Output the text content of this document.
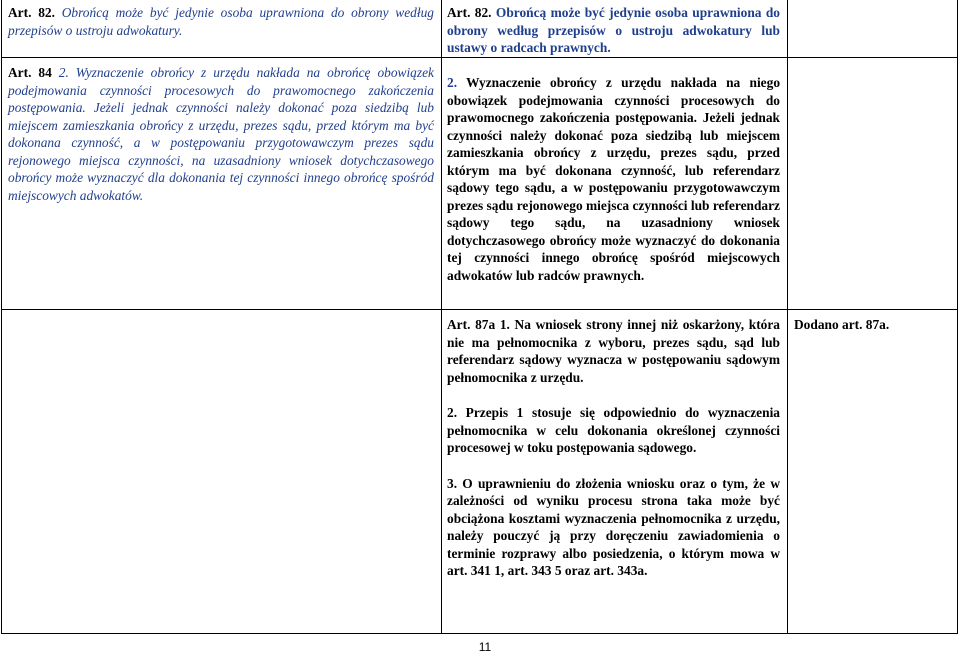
Art. 82. Obrońcą może być jedynie osoba uprawniona do obrony według przepisów o ustroju adwokatury.

Art. 82. Obrońcą może być jedynie osoba uprawniona do obrony według przepisów o ustroju adwokatury lub ustawy o radcach prawnych.

Art. 84 2. Wyznaczenie obrońcy z urzędu nakłada na obrońcę obowiązek podejmowania czynności procesowych do prawomocnego zakończenia postępowania. Jeżeli jednak czynności należy dokonać poza siedzibą lub miejscem zamieszkania obrońcy z urzędu, prezes sądu, przed którym ma być dokonana czynność, a w postępowaniu przygotowawczym prezes sądu rejonowego miejsca czynności, na uzasadniony wniosek dotychczasowego obrońcy może wyznaczyć dla dokonania tej czynności innego obrońcę spośród miejscowych adwokatów.

2. Wyznaczenie obrońcy z urzędu nakłada na niego obowiązek podejmowania czynności procesowych do prawomocnego zakończenia postępowania. Jeżeli jednak czynności należy dokonać poza siedzibą lub miejscem zamieszkania obrońcy z urzędu, prezes sądu, przed którym ma być dokonana czynność, lub referendarz sądowy tego sądu, a w postępowaniu przygotowawczym prezes sądu rejonowego miejsca czynności lub referendarz sądowy tego sądu, na uzasadniony wniosek dotychczasowego obrońcy może wyznaczyć do dokonania tej czynności innego obrońcę spośród miejscowych adwokatów lub radców prawnych.

Art. 87a 1. Na wniosek strony innej niż oskarżony, która nie ma pełnomocnika z wyboru, prezes sądu, sąd lub referendarz sądowy wyznacza w postępowaniu sądowym pełnomocnika z urzędu.

2. Przepis 1 stosuje się odpowiednio do wyznaczenia pełnomocnika w celu dokonania określonej czynności procesowej w toku postępowania sądowego.

3. O uprawnieniu do złożenia wniosku oraz o tym, że w zależności od wyniku procesu strona taka może być obciążona kosztami wyznaczenia pełnomocnika z urzędu, należy pouczyć ją przy doręczeniu zawiadomienia o terminie rozprawy albo posiedzenia, o którym mowa w art. 341 1, art. 343 5 oraz art. 343a.

Dodano art. 87a.

11
